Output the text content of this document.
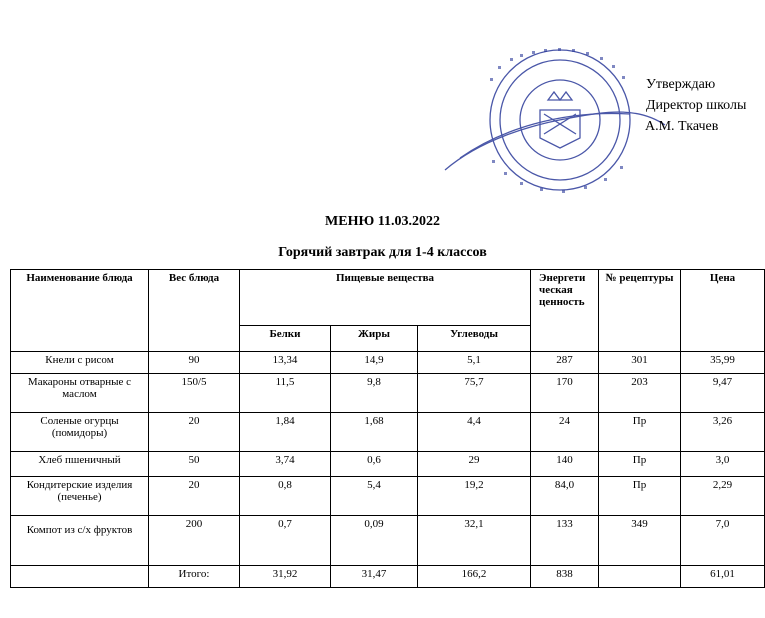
Утверждаю
Директор школы
А.М. Ткачев
МЕНЮ 11.03.2022
Горячий завтрак для 1-4 классов
Наименование блюда	Вес блюда	Пищевые вещества			Энергети ческая ценность	№ рецептуры	Цена
		Белки	Жиры	Углеводы			
Кнели с рисом	90	13,34	14,9	5,1	287	301	35,99
Макароны отварные с маслом	150/5	11,5	9,8	75,7	170	203	9,47
Соленые огурцы (помидоры)	20	1,84	1,68	4,4	24	Пр	3,26
Хлеб пшеничный	50	3,74	0,6	29	140	Пр	3,0
Кондитерские изделия (печенье)	20	0,8	5,4	19,2	84,0	Пр	2,29
Компот из с/х фруктов	200	0,7	0,09	32,1	133	349	7,0
	Итого:	31,92	31,47	166,2	838		61,01
